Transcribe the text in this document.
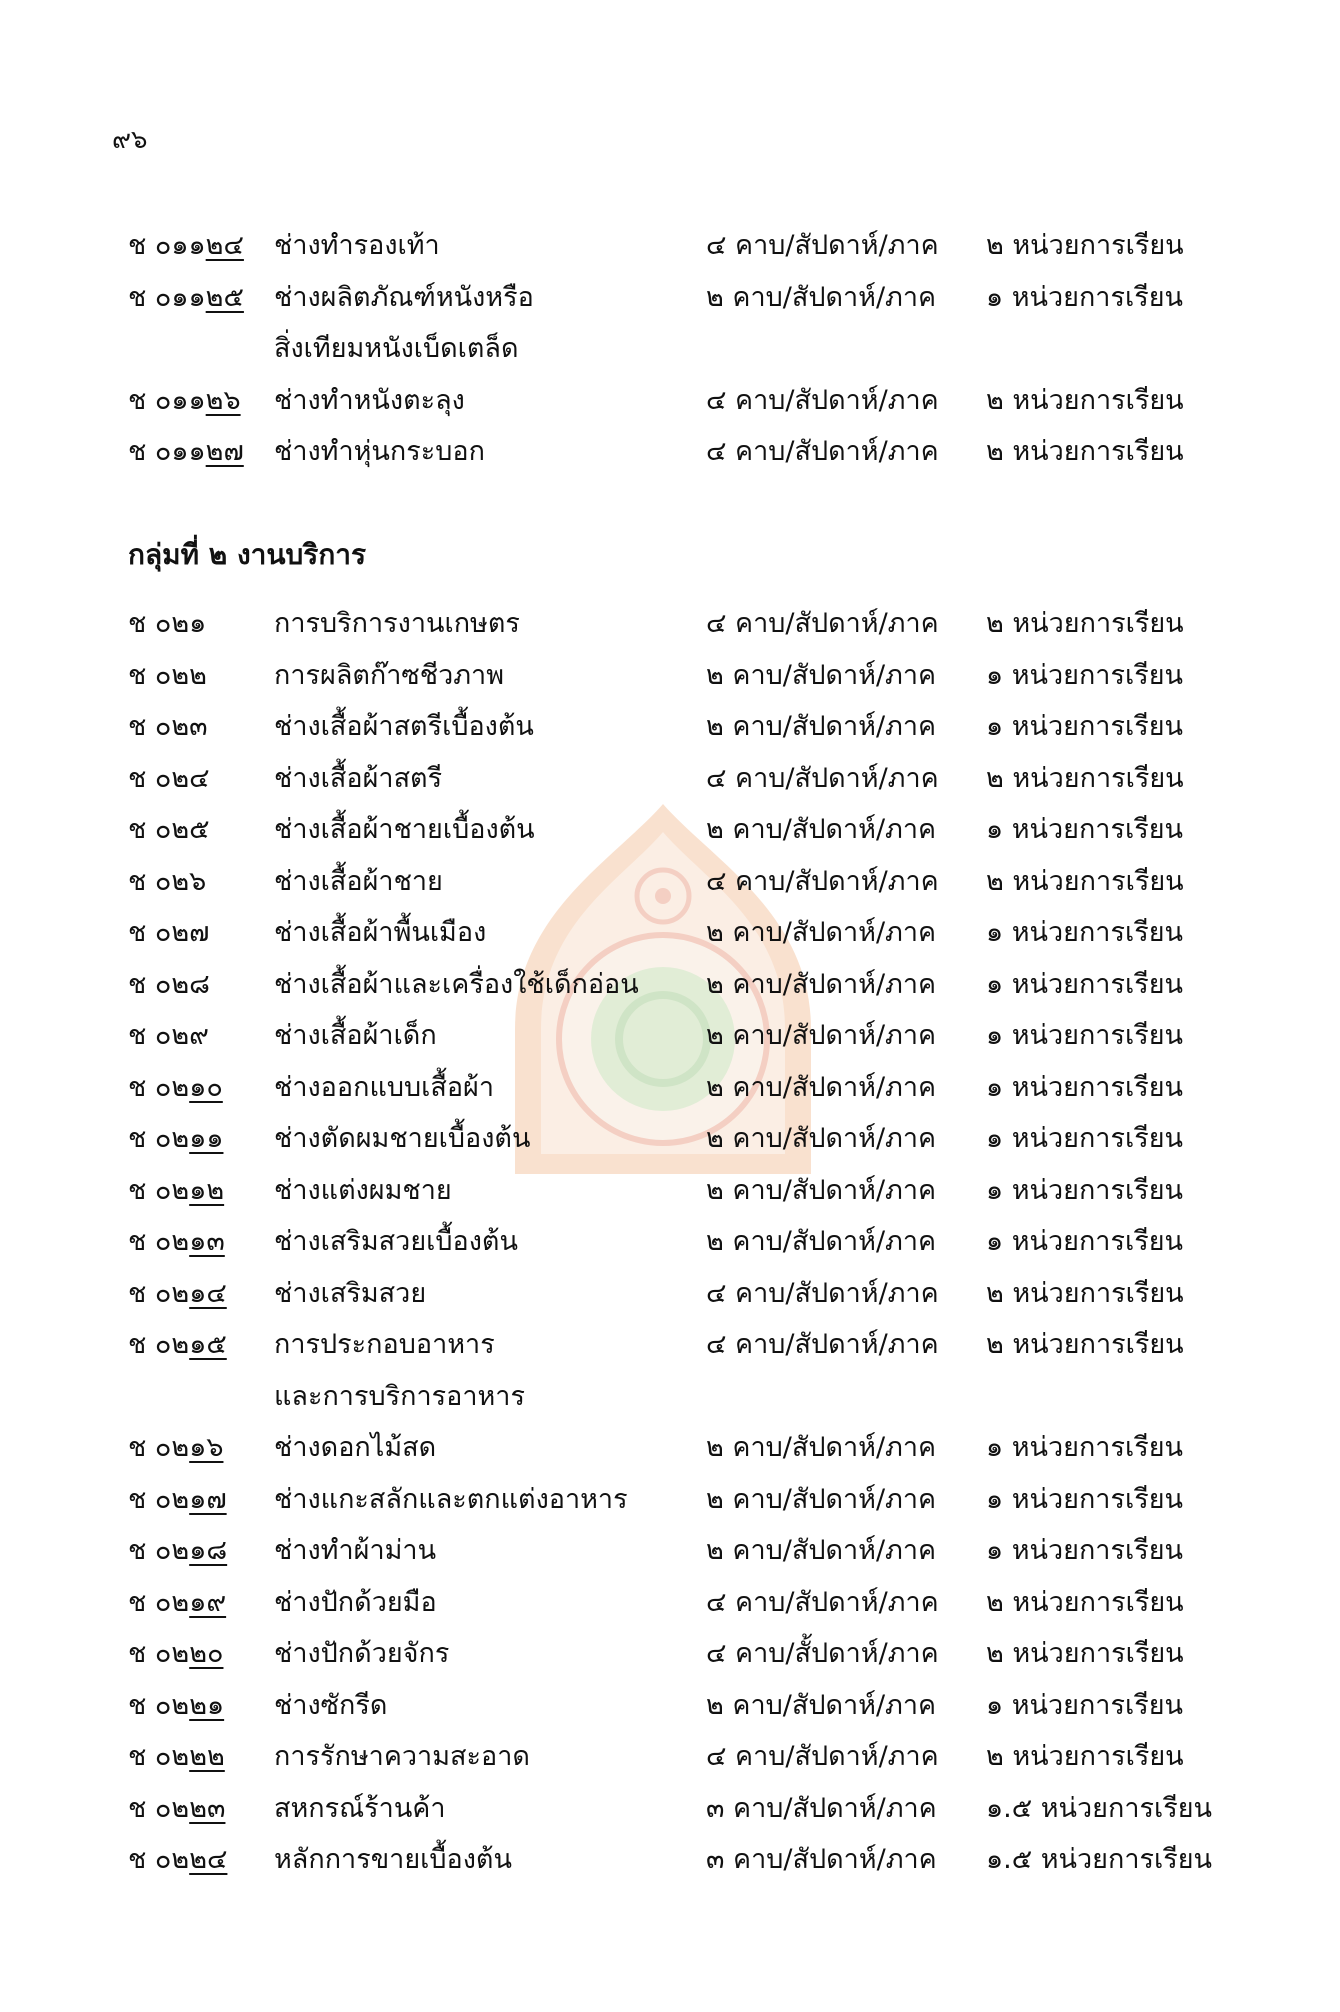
๙๖
ช ๐๑๑๒๔ ช่างทำรองเท้า	๔ คาบ/สัปดาห์/ภาค ๒ หน่วยการเรียน
ช ๐๑๑๒๕ ช่างผลิตภัณฑ์หนังหรือ	๒ คาบ/สัปดาห์/ภาค ๑ หน่วยการเรียน
สิ่งเทียมหนังเบ็ดเตล็ด
ช ๐๑๑๒๖ ช่างทำหนังตะลุง	๔ คาบ/สัปดาห์/ภาค ๒ หน่วยการเรียน
ช ๐๑๑๒๗ ช่างทำหุ่นกระบอก	๔ คาบ/สัปดาห์/ภาค ๒ หน่วยการเรียน
กลุ่มที่ ๒ งานบริการ
ช ๐๒๑	การบริการงานเกษตร	๔ คาบ/สัปดาห์/ภาค ๒ หน่วยการเรียน
ช ๐๒๒ การผลิตก๊าซชีวภาพ	๒ คาบ/สัปดาห์/ภาค ๑ หน่วยการเรียน
ช ๐๒๓ ช่างเสื้อผ้าสตรีเบื้องต้น	๒ คาบ/สัปดาห์/ภาค ๑ หน่วยการเรียน
ช ๐๒๔ ช่างเสื้อผ้าสตรี	๔ คาบ/สัปดาห์/ภาค ๒ หน่วยการเรียน
ช ๐๒๕ ช่างเสื้อผ้าชายเบื้องต้น	๒ คาบ/สัปดาห์/ภาค ๑ หน่วยการเรียน
ช ๐๒๖	ช่างเสื้อผ้าชาย	๔ คาบ/สัปดาห์/ภาค ๒ หน่วยการเรียน
ช ๐๒๗ ช่างเสื้อผ้าพื้นเมือง	๒ คาบ/สัปดาห์/ภาค ๑ หน่วยการเรียน
ช ๐๒๘ ช่างเสื้อผ้าและเครื่องใช้เด็กอ่อน ๒ คาบ/สัปดาห์/ภาค ๑ หน่วยการเรียน
ช ๐๒๙ ช่างเสื้อผ้าเด็ก	๒ คาบ/สัปดาห์/ภาค ๑ หน่วยการเรียน
ช ๐๒๑๐ ช่างออกแบบเสื้อผ้า	๒ คาบ/สัปดาห์/ภาค ๑ หน่วยการเรียน
ช ๐๒๑๑ ช่างตัดผมชายเบื้องต้น	๒ คาบ/สัปดาห์/ภาค ๑ หน่วยการเรียน
ช ๐๒๑๒ ช่างแต่งผมชาย	๒ คาบ/สัปดาห์/ภาค ๑ หน่วยการเรียน
ช ๐๒๑๓ ช่างเสริมสวยเบื้องต้น	๒ คาบ/สัปดาห์/ภาค ๑ หน่วยการเรียน
ช ๐๒๑๔ ช่างเสริมสวย	๔ คาบ/สัปดาห์/ภาค ๒ หน่วยการเรียน
ช ๐๒๑๕ การประกอบอาหาร	๔ คาบ/สัปดาห์/ภาค ๒ หน่วยการเรียน
และการบริการอาหาร
ช ๐๒๑๖ ช่างดอกไม้สด	๒ คาบ/สัปดาห์/ภาค ๑ หน่วยการเรียน
ช ๐๒๑๗ ช่างแกะสลักและตกแต่งอาหาร	๒ คาบ/สัปดาห์/ภาค ๑ หน่วยการเรียน
ช ๐๒๑๘ ช่างทำผ้าม่าน	๒ คาบ/สัปดาห์/ภาค ๑ หน่วยการเรียน
ช ๐๒๑๙ ช่างปักด้วยมือ	๔ คาบ/สัปดาห์/ภาค ๒ หน่วยการเรียน
ช ๐๒๒๐ ช่างปักด้วยจักร	๔ คาบ/สั้ปดาห์/ภาค ๒ หน่วยการเรียน
ช ๐๒๒๑ ช่างซักรีด	๒ คาบ/สัปดาห์/ภาค ๑ หน่วยการเรียน
ช ๐๒๒๒ การรักษาความสะอาด	๔ คาบ/สัปดาห์/ภาค ๒ หน่วยการเรียน
ช ๐๒๒๓ สหกรณ์ร้านค้า	๓ คาบ/สัปดาห์/ภาค ๑.๕ หน่วยการเรียน
ช ๐๒๒๔ หลักการขายเบื้องต้น	๓ คาบ/สัปดาห์/ภาค ๑.๕ หน่วยการเรียน
